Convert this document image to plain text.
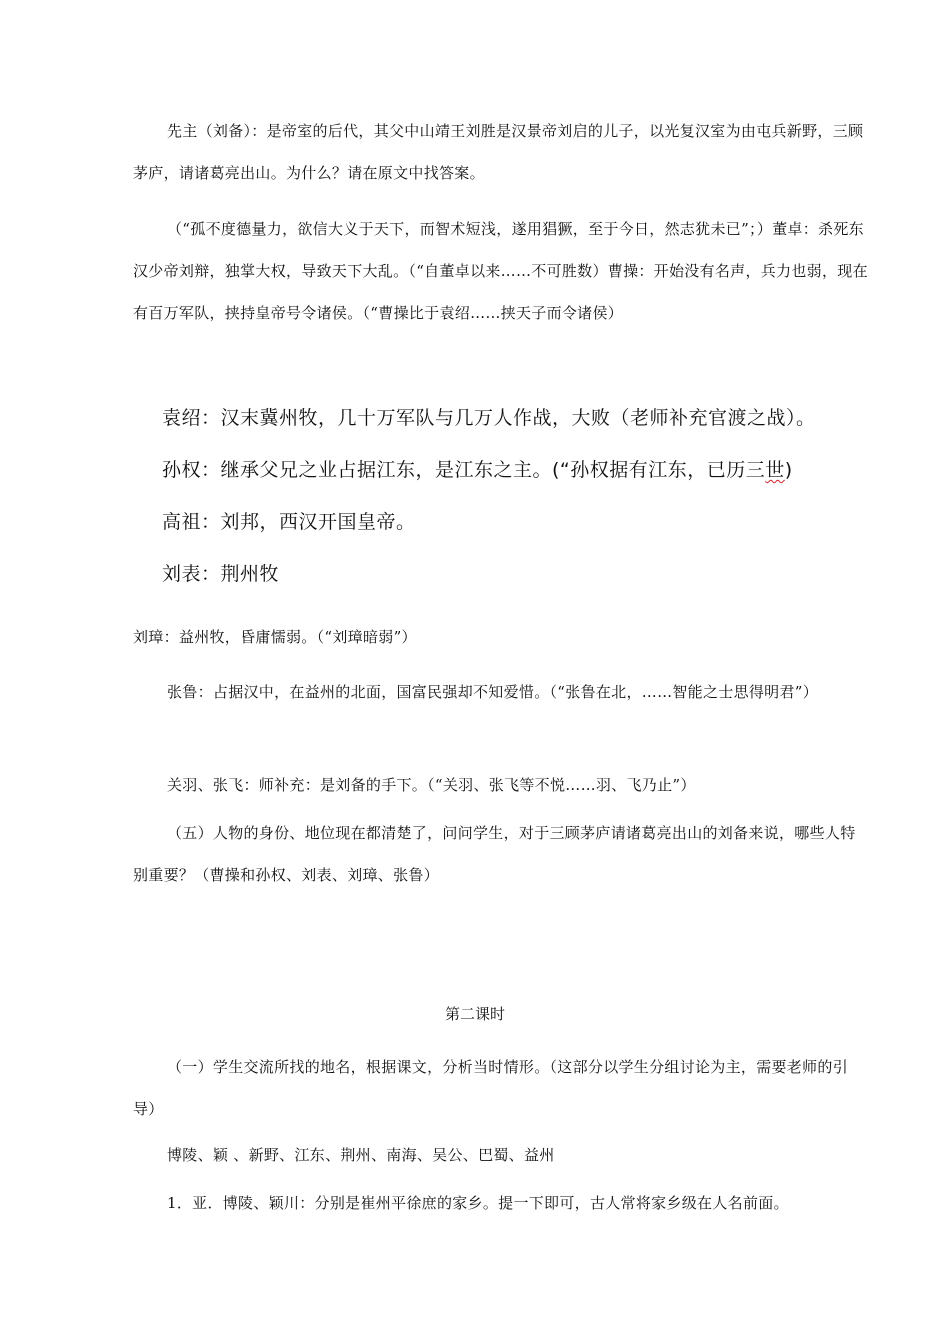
先主（刘备）：是帝室的后代，其父中山靖王刘胜是汉景帝刘启的儿子，以光复汉室为由屯兵新野，三顾茅庐，请诸葛亮出山。为什么？请在原文中找答案。

（“孤不度德量力，欲信大义于天下，而智术短浅，遂用猖獗，至于今日，然志犹未已”；）董卓：杀死东汉少帝刘辩，独掌大权，导致天下大乱。（“自董卓以来……不可胜数）曹操：开始没有名声，兵力也弱，现在有百万军队，挟持皇帝号令诸侯。（“曹操比于袁绍……挟天子而令诸侯）

袁绍：汉末冀州牧，几十万军队与几万人作战，大败（老师补充官渡之战）。

孙权：继承父兄之业占据江东，是江东之主。(“孙权据有江东，已历三世)

高祖：刘邦，西汉开国皇帝。

刘表：荆州牧

刘璋：益州牧，昏庸懦弱。（“刘璋暗弱”）

张鲁：占据汉中，在益州的北面，国富民强却不知爱惜。（“张鲁在北，……智能之士思得明君”）

关羽、张飞：师补充：是刘备的手下。（“关羽、张飞等不悦……羽、飞乃止”）

（五）人物的身份、地位现在都清楚了，问问学生，对于三顾茅庐请诸葛亮出山的刘备来说，哪些人特别重要？（曹操和孙权、刘表、刘璋、张鲁）

第二课时

（一）学生交流所找的地名，根据课文，分析当时情形。（这部分以学生分组讨论为主，需要老师的引导）

博陵、颖 、新野、江东、荆州、南海、吴公、巴蜀、益州

1．亚．博陵、颖川：分别是崔州平徐庶的家乡。提一下即可，古人常将家乡级在人名前面。
